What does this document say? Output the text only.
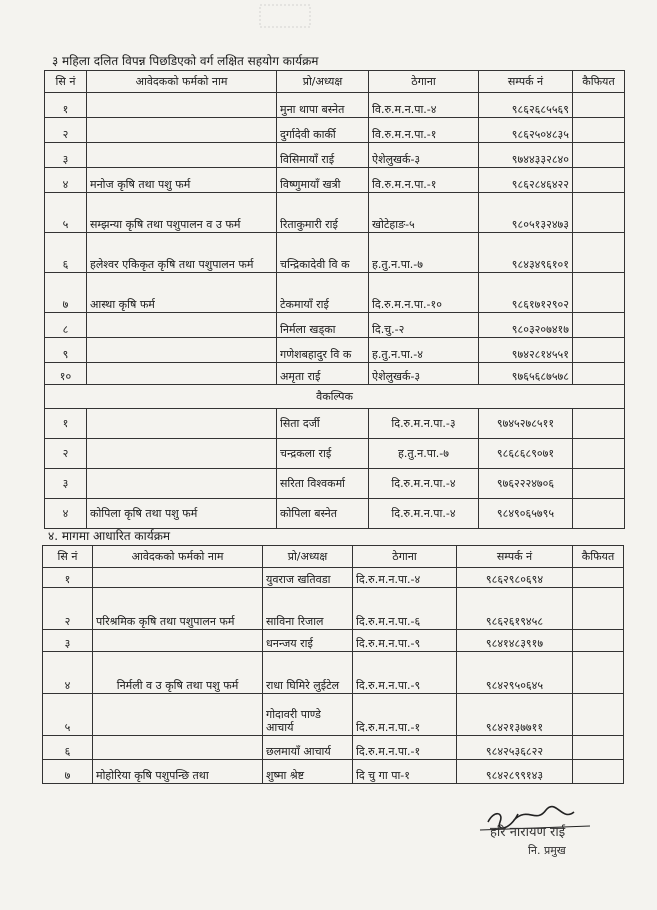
३ महिला दलित विपन्न पिछडिएको वर्ग लक्षित सहयोग कार्यक्रम
सि नं	आवेदकको फर्मको नाम	प्रो/अध्यक्ष	ठेगाना	सम्पर्क नं	कैफियत
१		मुना थापा बस्नेत	वि.रु.म.न.पा.-४	९८६२६८५५६९	
२		दुर्गादेवी कार्की	वि.रु.म.न.पा.-१	९८६२५०४८३५	
३		विसिमायाँ राई	ऐशेलुखर्क-३	९७४४३३२८४०	
४	मनोज कृषि तथा पशु फर्म	विष्णुमायाँ खत्री	वि.रु.म.न.पा.-१	९८६२८४६४२२	
५	सम्झन्या कृषि तथा पशुपालन व उ फर्म	रिताकुमारी राई	खोटेहाङ-५	९८०५१३२४७३	
६	हलेश्वर एकिकृत कृषि तथा पशुपालन फर्म	चन्द्रिकादेवी वि क	ह.तु.न.पा.-७	९८४३४९६१०१	
७	आस्था कृषि फर्म	टेकमायाँ राई	दि.रु.म.न.पा.-१०	९८६१७१२९०२	
८		निर्मला खड्का	दि.चु.-२	९८०३२०७४१७	
९		गणेशबहादुर वि क	ह.तु.न.पा.-४	९७४२८१४५५१	
१०		अमृता राई	ऐशेलुखर्क-३	९७६५६८७५७८	
वैकल्पिक					
१		सिता दर्जी	दि.रु.म.न.पा.-३	९७४५२७८५११	
२		चन्द्रकला राई	ह.तु.न.पा.-७	९८६८६८९०७१	
३		सरिता विश्वकर्मा	दि.रु.म.न.पा.-४	९७६२२२४७०६	
४	कोपिला कृषि तथा पशु फर्म	कोपिला बस्नेत	दि.रु.म.न.पा.-४	९८४९०६५७९५	
४. मागमा आधारित कार्यक्रम
सि नं	आवेदकको फर्मको नाम	प्रो/अध्यक्ष	ठेगाना	सम्पर्क नं	कैफियत
१		युवराज खतिवडा	दि.रु.म.न.पा.-४	९८६२९८०६९४	
२	परिश्रमिक कृषि तथा पशुपालन फर्म	साविना रिजाल	दि.रु.म.न.पा.-६	९८६२६१९४५८	
३		धनन्जय राई	दि.रु.म.न.पा.-९	९८४१४८३९१७	
४	निर्मली व उ कृषि तथा पशु फर्म	राधा घिमिरे लुईटेल	दि.रु.म.न.पा.-९	९८४२९५०६४५	
५		गोदावरी पाण्डे आचार्य	दि.रु.म.न.पा.-१	९८४२१३७७११	
६		छलमायाँ आचार्य	दि.रु.म.न.पा.-१	९८४२५३६८२२	
७	मोहोरिया कृषि पशुपन्छि तथा	शुष्मा श्रेष्ट	दि चु गा पा-१	९८४२८९९१४३	
हरि नारायण राई
नि. प्रमुख
